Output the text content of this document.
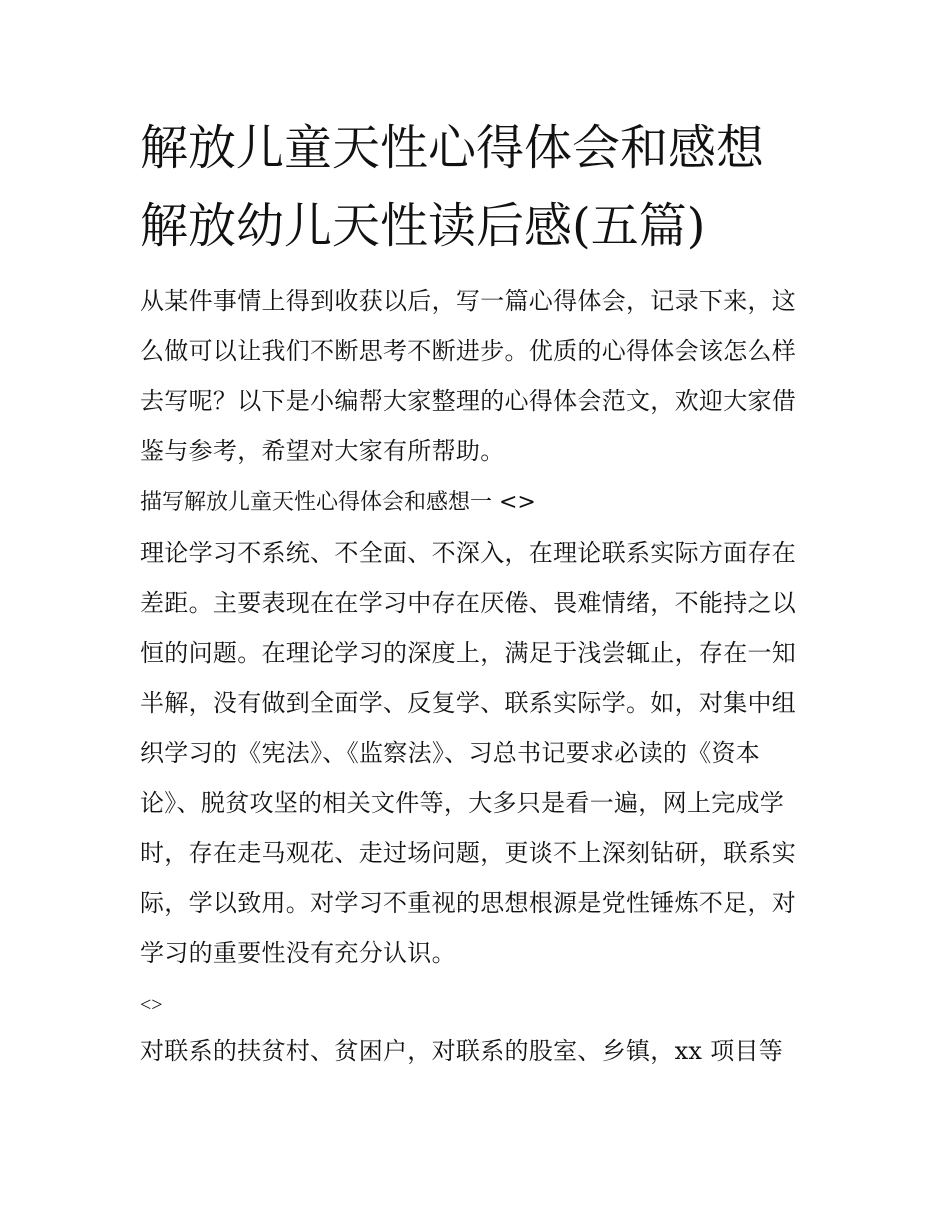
解放儿童天性心得体会和感想
解放幼儿天性读后感(五篇)

从某件事情上得到收获以后，写一篇心得体会，记录下来，这

么做可以让我们不断思考不断进步。优质的心得体会该怎么样

去写呢？以下是小编帮大家整理的心得体会范文，欢迎大家借

鉴与参考，希望对大家有所帮助。

描写解放儿童天性心得体会和感想一 <>

理论学习不系统、不全面、不深入，在理论联系实际方面存在

差距。主要表现在在学习中存在厌倦、畏难情绪，不能持之以

恒的问题。在理论学习的深度上，满足于浅尝辄止，存在一知

半解，没有做到全面学、反复学、联系实际学。如，对集中组

织学习的《宪法》、《监察法》、习总书记要求必读的《资本

论》、脱贫攻坚的相关文件等，大多只是看一遍，网上完成学

时，存在走马观花、走过场问题，更谈不上深刻钻研，联系实

际，学以致用。对学习不重视的思想根源是党性锤炼不足，对

学习的重要性没有充分认识。

<>

对联系的扶贫村、贫困户，对联系的股室、乡镇，xx 项目等
